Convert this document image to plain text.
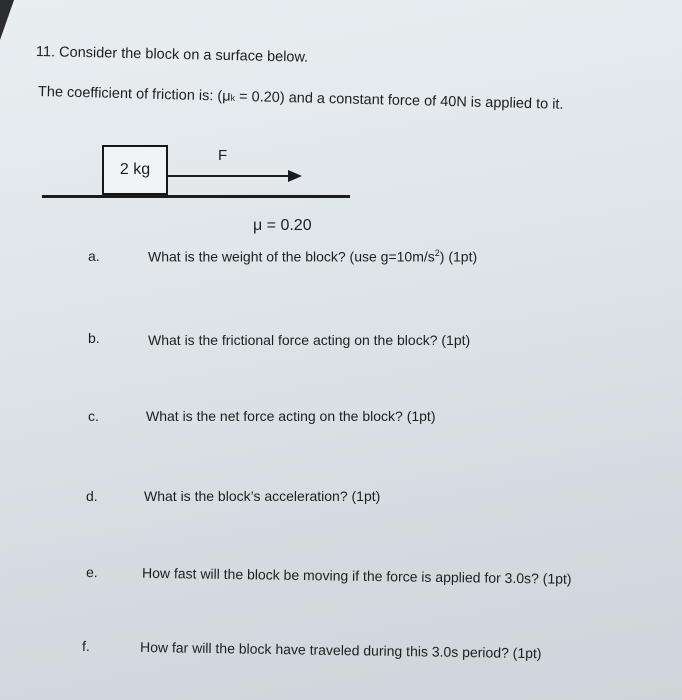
11. Consider the block on a surface below.
The coefficient of friction is: (μk = 0.20) and a constant force of 40N is applied to it.
2 kg
F
μ = 0.20
a.	What is the weight of the block? (use $g=10m/s^2$) (1pt)
b.	What is the frictional force acting on the block? (1pt)
c.	What is the net force acting on the block? (1pt)
d.	What is the block’s acceleration? (1pt)
e.	How fast will the block be moving if the force is applied for 3.0s? (1pt)
f.	How far will the block have traveled during this 3.0s period? (1pt)
